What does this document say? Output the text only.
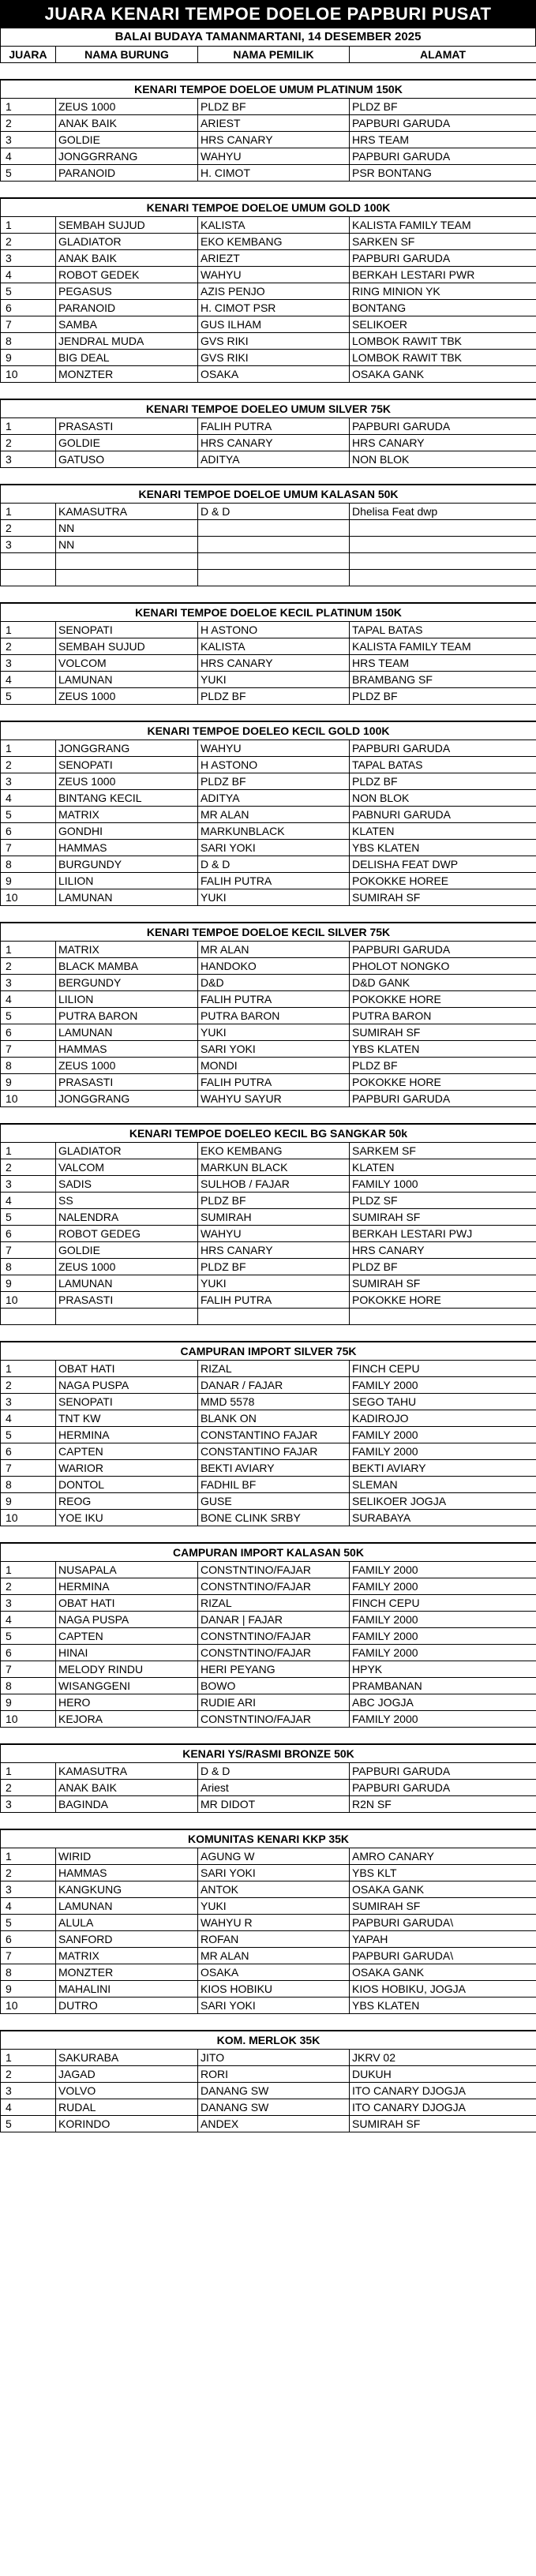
JUARA KENARI TEMPOE DOELOE PAPBURI PUSAT
BALAI BUDAYA TAMANMARTANI, 14 DESEMBER 2025
JUARA	NAMA BURUNG	NAMA PEMILIK	ALAMAT

KENARI TEMPOE DOELOE UMUM PLATINUM 150K			
1	ZEUS 1000	PLDZ BF	PLDZ BF
2	ANAK BAIK	ARIEST	PAPBURI GARUDA
3	GOLDIE	HRS CANARY	HRS TEAM
4	JONGGRRANG	WAHYU	PAPBURI GARUDA
5	PARANOID	H. CIMOT	PSR BONTANG

KENARI TEMPOE DOELOE UMUM GOLD 100K			
1	SEMBAH SUJUD	KALISTA	KALISTA FAMILY TEAM
2	GLADIATOR	EKO KEMBANG	SARKEN SF
3	ANAK BAIK	ARIEZT	PAPBURI GARUDA
4	ROBOT GEDEK	WAHYU	BERKAH LESTARI PWR
5	PEGASUS	AZIS PENJO	RING MINION YK
6	PARANOID	H. CIMOT PSR	BONTANG
7	SAMBA	GUS ILHAM	SELIKOER
8	JENDRAL MUDA	GVS RIKI	LOMBOK RAWIT TBK
9	BIG DEAL	GVS RIKI	LOMBOK RAWIT TBK
10	MONZTER	OSAKA	OSAKA GANK

KENARI TEMPOE DOELEO UMUM SILVER 75K			
1	PRASASTI	FALIH PUTRA	PAPBURI GARUDA
2	GOLDIE	HRS CANARY	HRS CANARY
3	GATUSO	ADITYA	NON BLOK

KENARI TEMPOE DOELOE UMUM KALASAN 50K			
1	KAMASUTRA	D & D	Dhelisa Feat dwp
2	NN		
3	NN		

KENARI TEMPOE DOELOE KECIL PLATINUM 150K			
1	SENOPATI	H ASTONO	TAPAL BATAS
2	SEMBAH SUJUD	KALISTA	KALISTA FAMILY TEAM
3	VOLCOM	HRS CANARY	HRS TEAM
4	LAMUNAN	YUKI	BRAMBANG SF
5	ZEUS 1000	PLDZ BF	PLDZ BF

KENARI TEMPOE DOELEO KECIL GOLD 100K			
1	JONGGRANG	WAHYU	PAPBURI GARUDA
2	SENOPATI	H ASTONO	TAPAL BATAS
3	ZEUS 1000	PLDZ BF	PLDZ BF
4	BINTANG KECIL	ADITYA	NON BLOK
5	MATRIX	MR ALAN	PABNURI GARUDA
6	GONDHI	MARKUNBLACK	KLATEN
7	HAMMAS	SARI YOKI	YBS KLATEN
8	BURGUNDY	D & D	DELISHA FEAT DWP
9	LILION	FALIH PUTRA	POKOKKE HOREE
10	LAMUNAN	YUKI	SUMIRAH SF

KENARI TEMPOE DOELOE KECIL SILVER 75K			
1	MATRIX	MR ALAN	PAPBURI GARUDA
2	BLACK MAMBA	HANDOKO	PHOLOT NONGKO
3	BERGUNDY	D&D	D&D GANK
4	LILION	FALIH PUTRA	POKOKKE HORE
5	PUTRA BARON	PUTRA BARON	PUTRA BARON
6	LAMUNAN	YUKI	SUMIRAH SF
7	HAMMAS	SARI YOKI	YBS KLATEN
8	ZEUS 1000	MONDI	PLDZ BF
9	PRASASTI	FALIH PUTRA	POKOKKE HORE
10	JONGGRANG	WAHYU SAYUR	PAPBURI GARUDA

KENARI TEMPOE DOELEO KECIL BG SANGKAR 50k			
1	GLADIATOR	EKO KEMBANG	SARKEM SF
2	VALCOM	MARKUN BLACK	KLATEN
3	SADIS	SULHOB / FAJAR	FAMILY 1000
4	SS	PLDZ BF	PLDZ SF
5	NALENDRA	SUMIRAH	SUMIRAH SF
6	ROBOT GEDEG	WAHYU	BERKAH LESTARI PWJ
7	GOLDIE	HRS CANARY	HRS CANARY
8	ZEUS 1000	PLDZ BF	PLDZ BF
9	LAMUNAN	YUKI	SUMIRAH SF
10	PRASASTI	FALIH PUTRA	POKOKKE HORE

CAMPURAN IMPORT SILVER 75K			
1	OBAT HATI	RIZAL	FINCH CEPU
2	NAGA PUSPA	DANAR / FAJAR	FAMILY 2000
3	SENOPATI	MMD 5578	SEGO TAHU
4	TNT KW	BLANK ON	KADIROJO
5	HERMINA	CONSTANTINO FAJAR	FAMILY 2000
6	CAPTEN	CONSTANTINO FAJAR	FAMILY 2000
7	WARIOR	BEKTI AVIARY	BEKTI AVIARY
8	DONTOL	FADHIL BF	SLEMAN
9	REOG	GUSE	SELIKOER JOGJA
10	YOE IKU	BONE CLINK SRBY	SURABAYA

CAMPURAN IMPORT KALASAN 50K			
1	NUSAPALA	CONSTNTINO/FAJAR	FAMILY 2000
2	HERMINA	CONSTNTINO/FAJAR	FAMILY 2000
3	OBAT HATI	RIZAL	FINCH CEPU
4	NAGA PUSPA	DANAR | FAJAR	FAMILY 2000
5	CAPTEN	CONSTNTINO/FAJAR	FAMILY 2000
6	HINAI	CONSTNTINO/FAJAR	FAMILY 2000
7	MELODY RINDU	HERI PEYANG	HPYK
8	WISANGGENI	BOWO	PRAMBANAN
9	HERO	RUDIE ARI	ABC JOGJA
10	KEJORA	CONSTNTINO/FAJAR	FAMILY 2000

KENARI YS/RASMI BRONZE 50K			
1	KAMASUTRA	D & D	PAPBURI GARUDA
2	ANAK BAIK	Ariest	PAPBURI GARUDA
3	BAGINDA	MR DIDOT	R2N SF

KOMUNITAS KENARI KKP 35K			
1	WIRID	AGUNG W	AMRO CANARY
2	HAMMAS	SARI YOKI	YBS KLT
3	KANGKUNG	ANTOK	OSAKA GANK
4	LAMUNAN	YUKI	SUMIRAH SF
5	ALULA	WAHYU R	PAPBURI GARUDA\
6	SANFORD	ROFAN	YAPAH
7	MATRIX	MR ALAN	PAPBURI GARUDA\
8	MONZTER	OSAKA	OSAKA GANK
9	MAHALINI	KIOS HOBIKU	KIOS HOBIKU, JOGJA
10	DUTRO	SARI YOKI	YBS KLATEN

KOM. MERLOK 35K			
1	SAKURABA	JITO	JKRV 02
2	JAGAD	RORI	DUKUH
3	VOLVO	DANANG SW	ITO CANARY DJOGJA
4	RUDAL	DANANG SW	ITO CANARY DJOGJA
5	KORINDO	ANDEX	SUMIRAH SF
